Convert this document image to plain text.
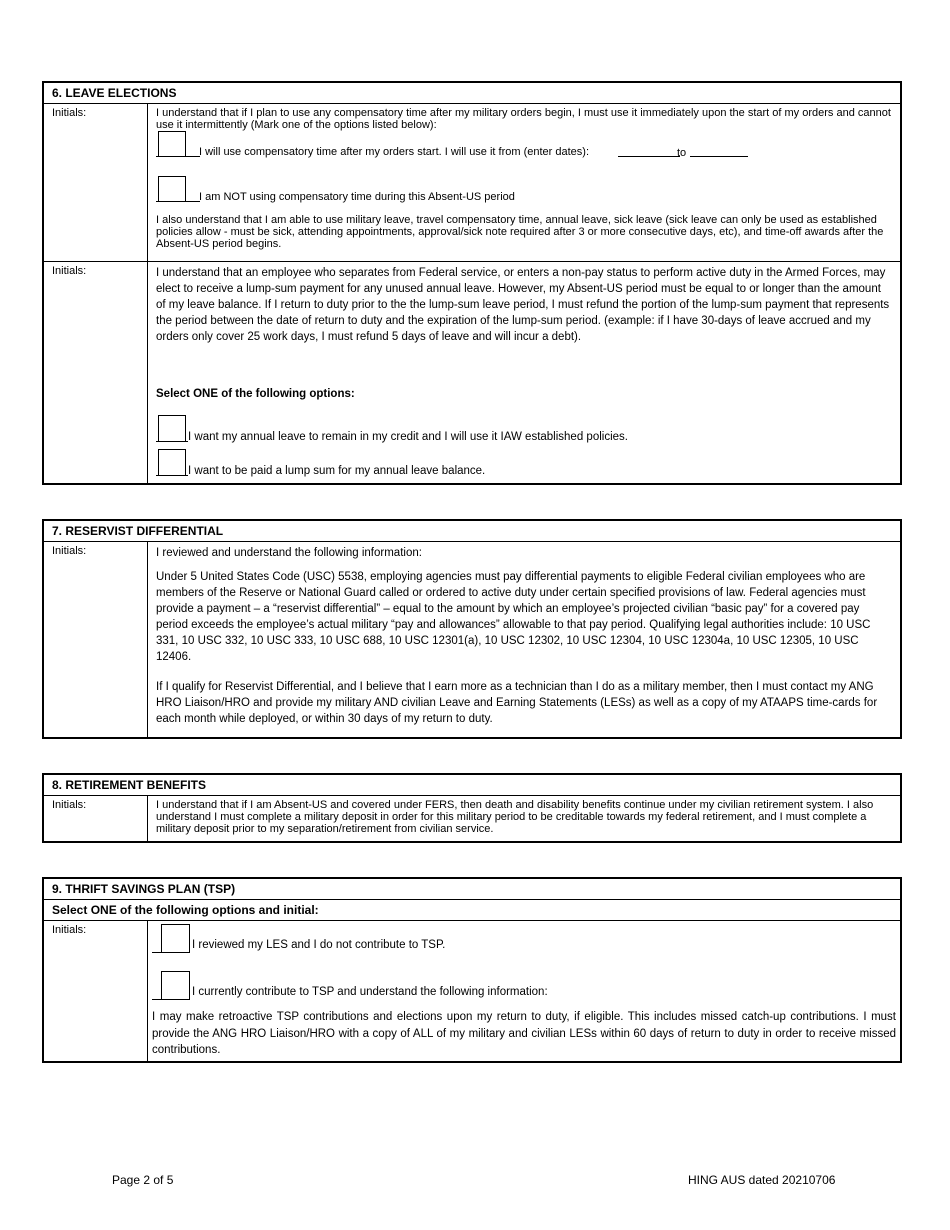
6. LEAVE ELECTIONS
Initials:	I understand that if I plan to use any compensatory time after my military orders begin, I must use it immediately upon the start of my orders and cannot use it intermittently (Mark one of the options listed below):

I will use compensatory time after my orders start. I will use it from (enter dates):	to
I am NOT using compensatory time during this Absent-US period

I also understand that I am able to use military leave, travel compensatory time, annual leave, sick leave (sick leave can only be used as established policies allow - must be sick, attending appointments, approval/sick note required after 3 or more consecutive days, etc), and time-off awards after the Absent-US period begins.

Initials:	I understand that an employee who separates from Federal service, or enters a non-pay status to perform active duty in the Armed Forces, may elect to receive a lump-sum payment for any unused annual leave. However, my Absent-US period must be equal to or longer than the amount of my leave balance. If I return to duty prior to the the lump-sum leave period, I must refund the portion of the lump-sum payment that represents the period between the date of return to duty and the expiration of the lump-sum period. (example: if I have 30-days of leave accrued and my orders only cover 25 work days, I must refund 5 days of leave and will incur a debt).

Select ONE of the following options:

I want my annual leave to remain in my credit and I will use it IAW established policies.
I want to be paid a lump sum for my annual leave balance.
7. RESERVIST DIFFERENTIAL
Initials:	I reviewed and understand the following information:

Under 5 United States Code (USC) 5538, employing agencies must pay differential payments to eligible Federal civilian employees who are members of the Reserve or National Guard called or ordered to active duty under certain specified provisions of law. Federal agencies must provide a payment – a “reservist differential” – equal to the amount by which an employee’s projected civilian “basic pay” for a covered pay period exceeds the employee’s actual military “pay and allowances” allowable to that pay period. Qualifying legal authorities include: 10 USC 331, 10 USC 332, 10 USC 333, 10 USC 688, 10 USC 12301(a), 10 USC 12302, 10 USC 12304, 10 USC 12304a, 10 USC 12305, 10 USC 12406.

If I qualify for Reservist Differential, and I believe that I earn more as a technician than I do as a military member, then I must contact my ANG HRO Liaison/HRO and provide my military AND civilian Leave and Earning Statements (LESs) as well as a copy of my ATAAPS time-cards for each month while deployed, or within 30 days of my return to duty.

8. RETIREMENT BENEFITS
Initials:	I understand that if I am Absent-US and covered under FERS, then death and disability benefits continue under my civilian retirement system. I also understand I must complete a military deposit in order for this military period to be creditable towards my federal retirement, and I must complete a military deposit prior to my separation/retirement from civilian service.

9. THRIFT SAVINGS PLAN (TSP)
Select ONE of the following options and initial:
Initials:
I reviewed my LES and I do not contribute to TSP.
I currently contribute to TSP and understand the following information:

I may make retroactive TSP contributions and elections upon my return to duty, if eligible. This includes missed catch-up contributions. I must provide the ANG HRO Liaison/HRO with a copy of ALL of my military and civilian LESs within 60 days of return to duty in order to receive missed contributions.

Page 2 of 5	HING AUS dated 20210706
